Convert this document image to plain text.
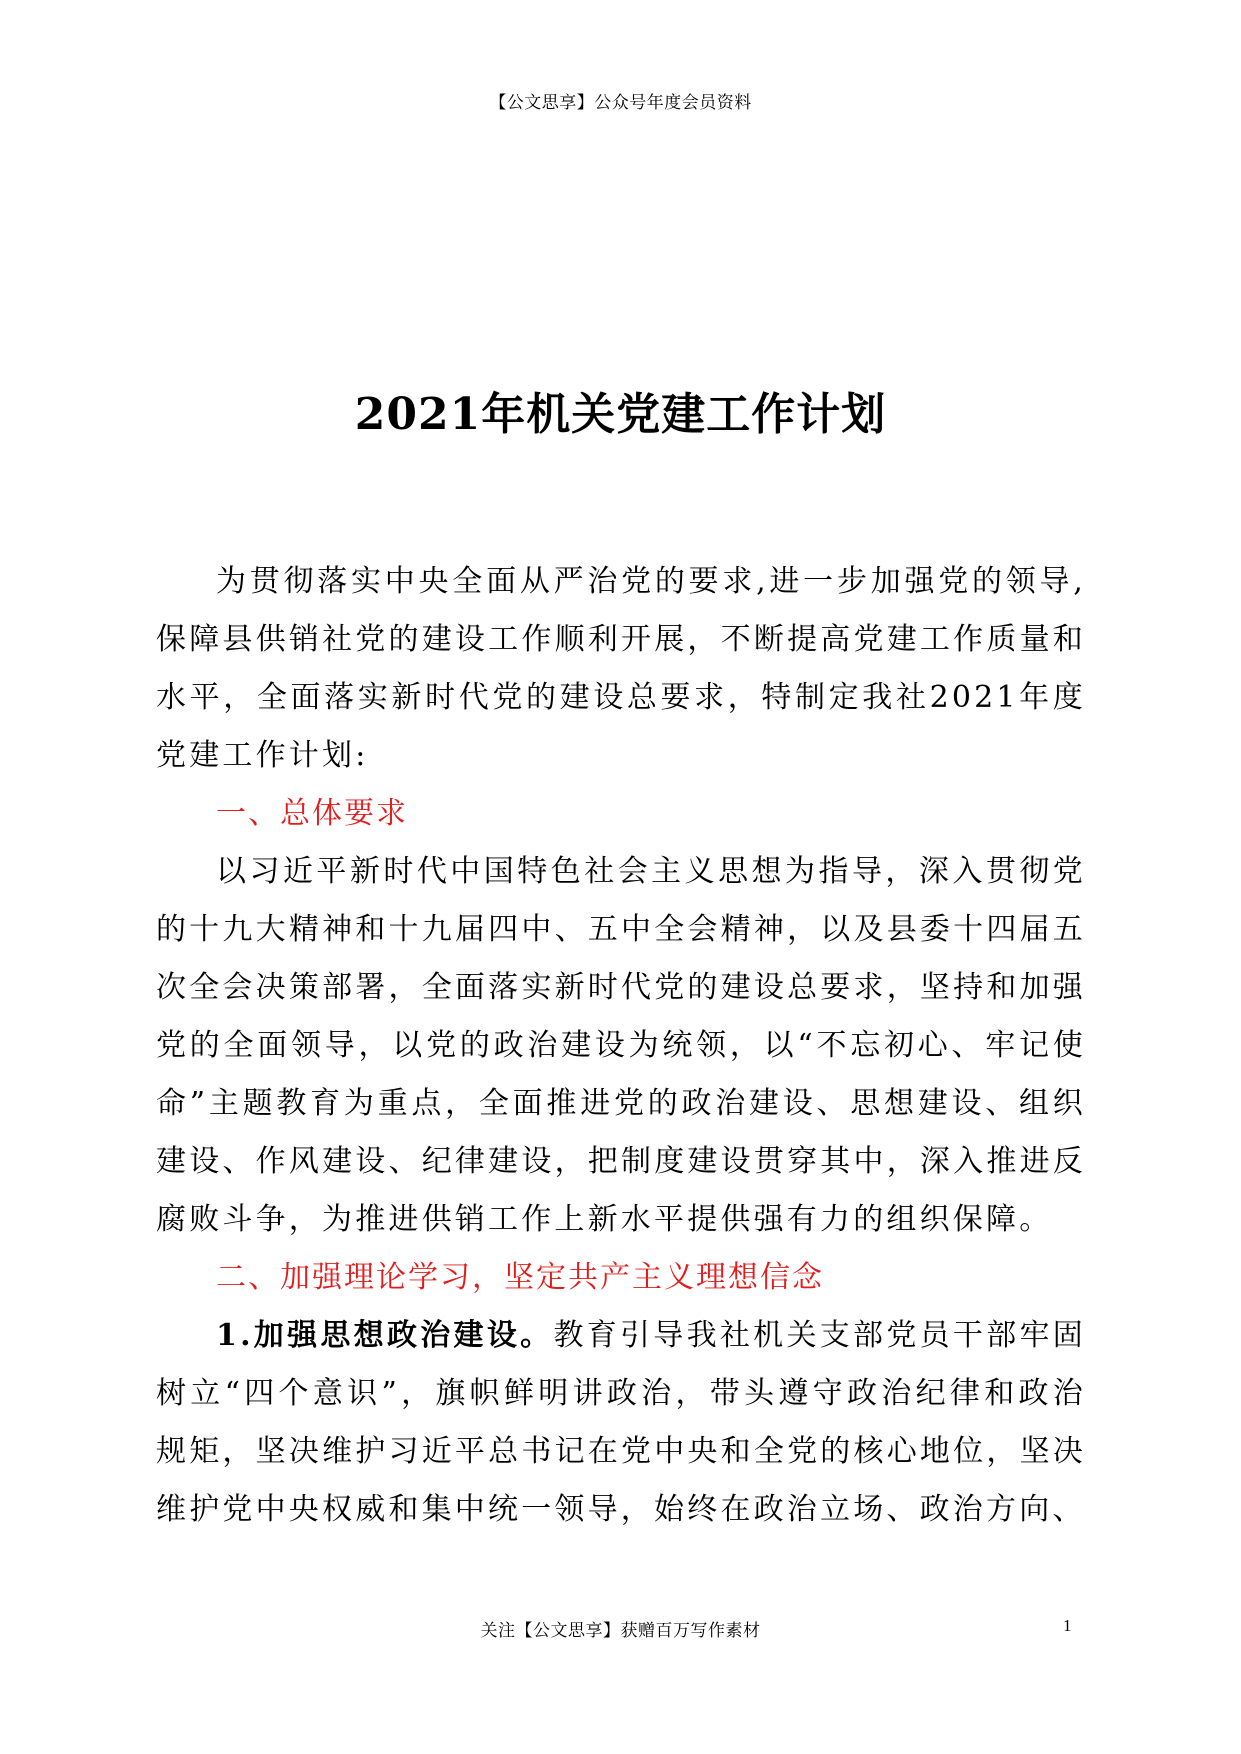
【公文思享】公众号年度会员资料
2021年机关党建工作计划

为贯彻落实中央全面从严治党的要求,进一步加强党的领导,保障县供销社党的建设工作顺利开展，不断提高党建工作质量和水平，全面落实新时代党的建设总要求，特制定我社2021年度党建工作计划:

一、总体要求

以习近平新时代中国特色社会主义思想为指导，深入贯彻党的十九大精神和十九届四中、五中全会精神，以及县委十四届五次全会决策部署，全面落实新时代党的建设总要求，坚持和加强党的全面领导，以党的政治建设为统领，以“不忘初心、牢记使命”主题教育为重点，全面推进党的政治建设、思想建设、组织建设、作风建设、纪律建设，把制度建设贯穿其中，深入推进反腐败斗争，为推进供销工作上新水平提供强有力的组织保障。

二、加强理论学习，坚定共产主义理想信念

1.加强思想政治建设。教育引导我社机关支部党员干部牢固树立“四个意识”，旗帜鲜明讲政治，带头遵守政治纪律和政治规矩，坚决维护习近平总书记在党中央和全党的核心地位，坚决维护党中央权威和集中统一领导，始终在政治立场、政治方向、

关注【公文思享】获赠百万写作素材	1
